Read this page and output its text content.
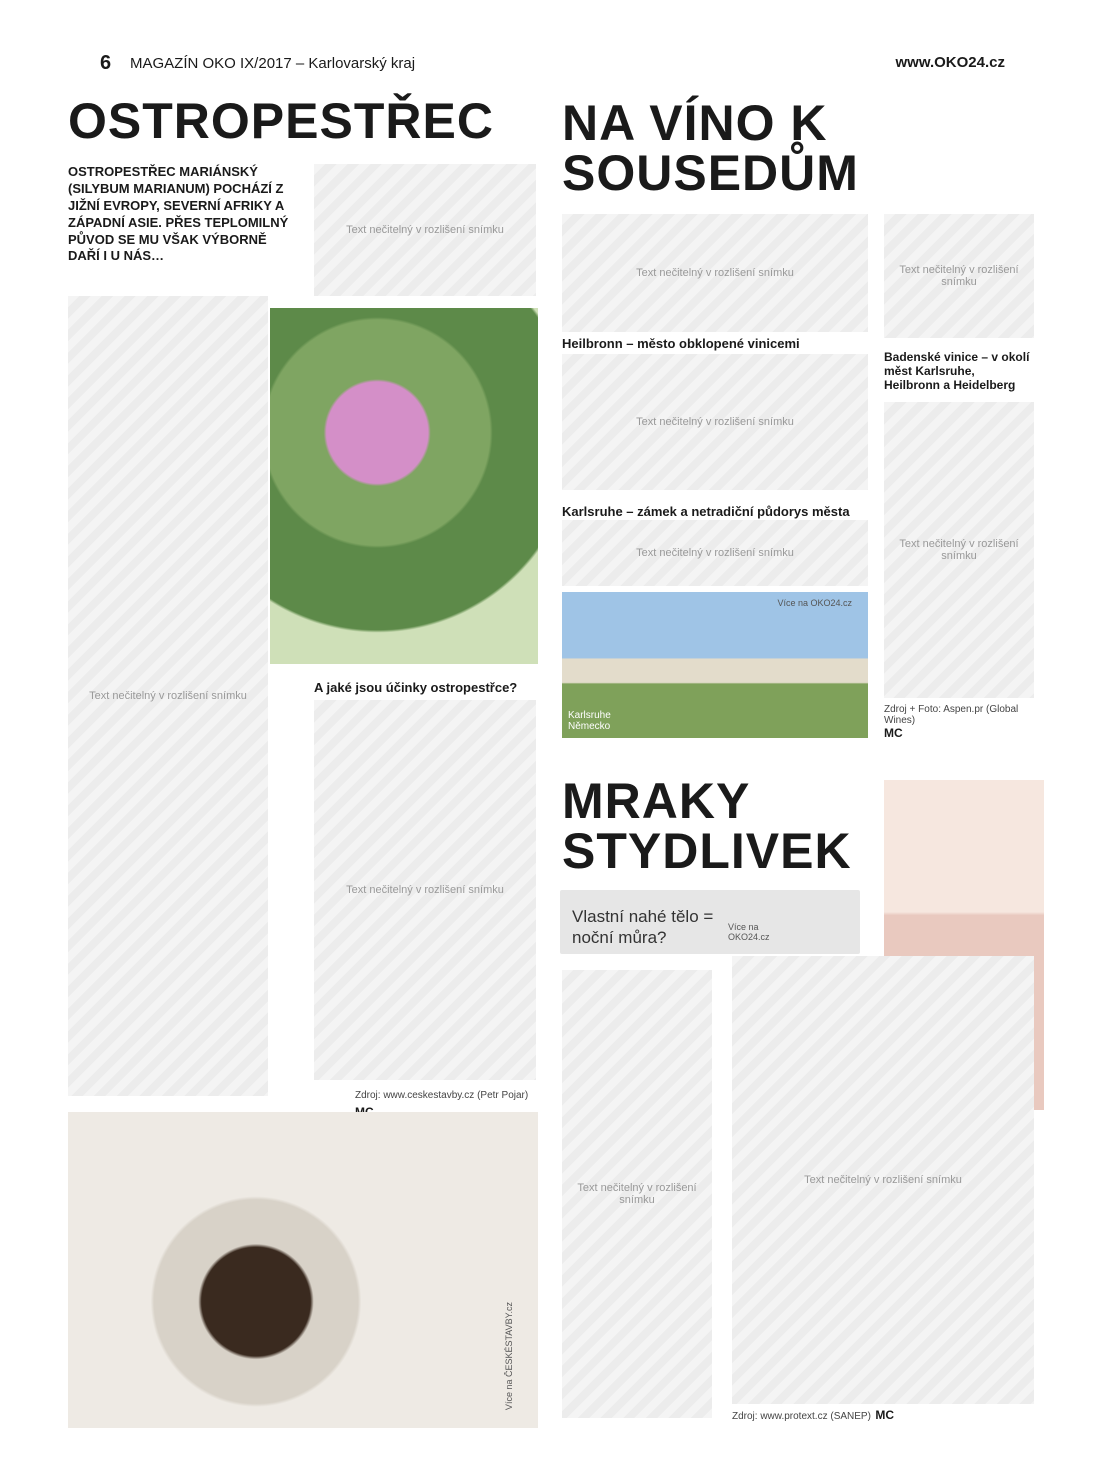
6 MAGAZÍN OKO IX/2017 – Karlovarský kraj	www.OKO24.cz
OSTROPESTŘEC
OSTROPESTŘEC MARIÁNSKÝ (SILYBUM MARIANUM) POCHÁZÍ Z JIŽNÍ EVROPY, SEVERNÍ AFRIKY A ZÁPADNÍ ASIE. PŘES TEPLOMILNÝ PŮVOD SE MU VŠAK VÝBORNĚ DAŘÍ I U NÁS…
Text nečitelný v rozlišení snímku
Text nečitelný v rozlišení snímku
A jaké jsou účinky ostropestřce?
Text nečitelný v rozlišení snímku
Zdroj: www.ceskestavby.cz (Petr Pojar)
Více na ČESKÉSTAVBY.cz
NA VÍNO K SOUSEDŮM
Text nečitelný v rozlišení snímku
Heilbronn – město obklopené vinicemi
Text nečitelný v rozlišení snímku
Karlsruhe – zámek a netradiční půdorys města
Text nečitelný v rozlišení snímku
Více na OKO24.cz
Karlsruhe Německo
Text nečitelný v rozlišení snímku
Badenské vinice – v okolí měst Karlsruhe, Heilbronn a Heidelberg
Text nečitelný v rozlišení snímku
Zdroj + Foto: Aspen.pr (Global Wines)
MC
MRAKY STYDLIVEK
Vlastní nahé tělo = noční můra?
Více na OKO24.cz
Text nečitelný v rozlišení snímku
Text nečitelný v rozlišení snímku
Zdroj: www.protext.cz (SANEP) MC
